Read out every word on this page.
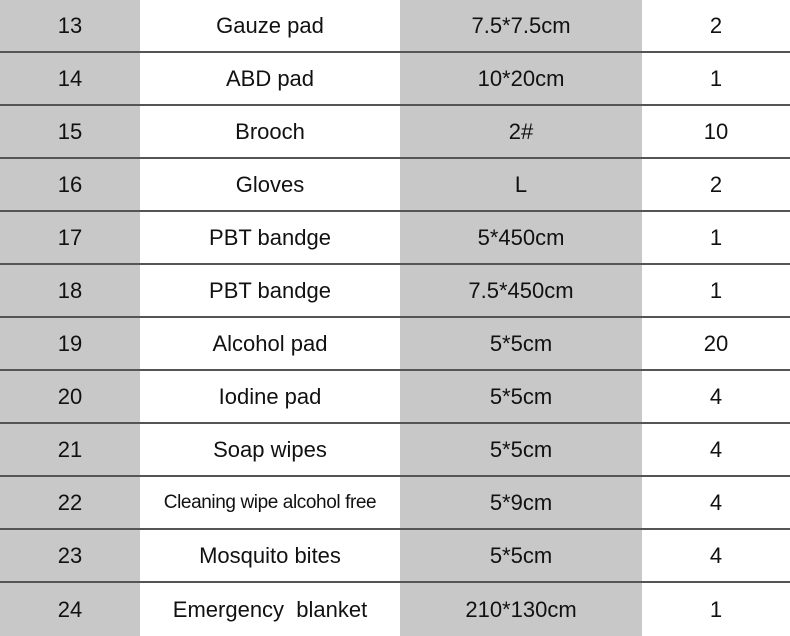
13	Gauze pad	7.5*7.5cm	2
14	ABD pad	10*20cm	1
15	Brooch	2#	10
16	Gloves	L	2
17	PBT bandge	5*450cm	1
18	PBT bandge	7.5*450cm	1
19	Alcohol pad	5*5cm	20
20	Iodine pad	5*5cm	4
21	Soap wipes	5*5cm	4
22	Cleaning wipe alcohol free	5*9cm	4
23	Mosquito bites	5*5cm	4
24	Emergency  blanket	210*130cm	1
